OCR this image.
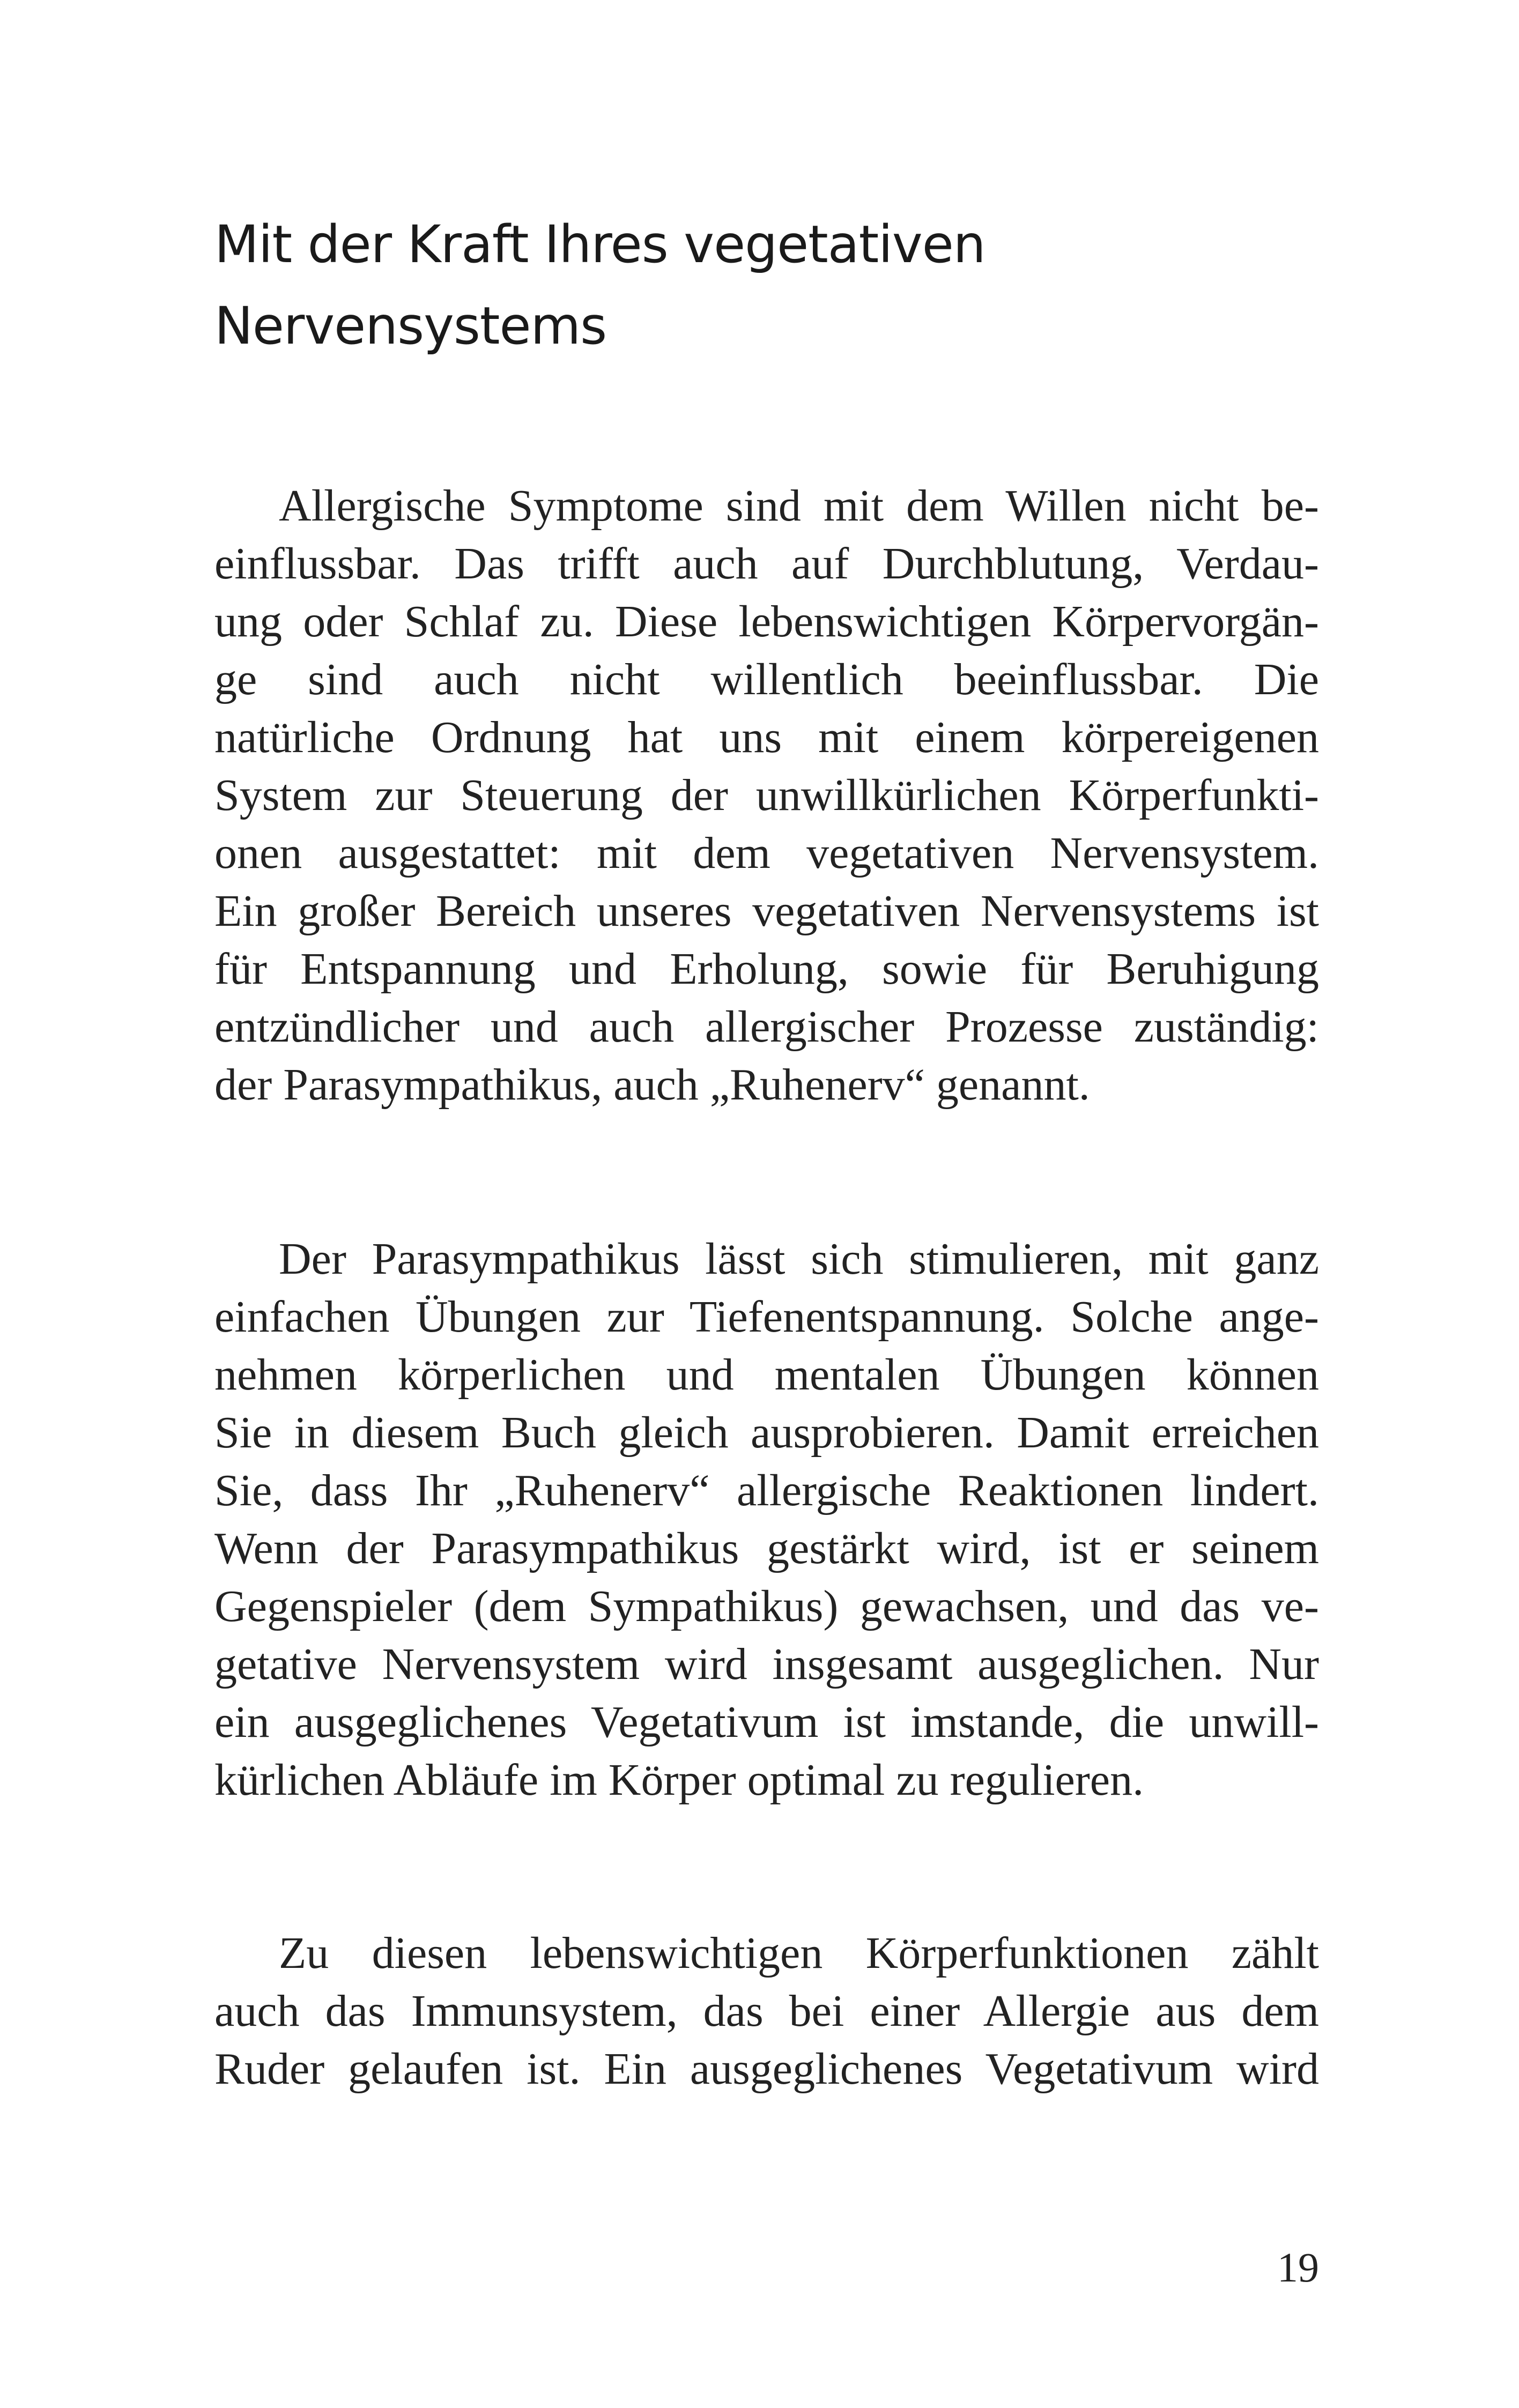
Mit der Kraft Ihres vegetativen
Nervensystems

Allergische Symptome sind mit dem Willen nicht be-
einflussbar. Das trifft auch auf Durchblutung, Verdau-
ung oder Schlaf zu. Diese lebenswichtigen Körpervorgän-
ge sind auch nicht willentlich beeinflussbar. Die
natürliche Ordnung hat uns mit einem körpereigenen
System zur Steuerung der unwillkürlichen Körperfunkti-
onen ausgestattet: mit dem vegetativen Nervensystem.
Ein großer Bereich unseres vegetativen Nervensystems ist
für Entspannung und Erholung, sowie für Beruhigung
entzündlicher und auch allergischer Prozesse zuständig:
der Parasympathikus, auch „Ruhenerv“ genannt.

Der Parasympathikus lässt sich stimulieren, mit ganz
einfachen Übungen zur Tiefenentspannung. Solche ange-
nehmen körperlichen und mentalen Übungen können
Sie in diesem Buch gleich ausprobieren. Damit erreichen
Sie, dass Ihr „Ruhenerv“ allergische Reaktionen lindert.
Wenn der Parasympathikus gestärkt wird, ist er seinem
Gegenspieler (dem Sympathikus) gewachsen, und das ve-
getative Nervensystem wird insgesamt ausgeglichen. Nur
ein ausgeglichenes Vegetativum ist imstande, die unwill-
kürlichen Abläufe im Körper optimal zu regulieren.

Zu diesen lebenswichtigen Körperfunktionen zählt
auch das Immunsystem, das bei einer Allergie aus dem
Ruder gelaufen ist. Ein ausgeglichenes Vegetativum wird

19
